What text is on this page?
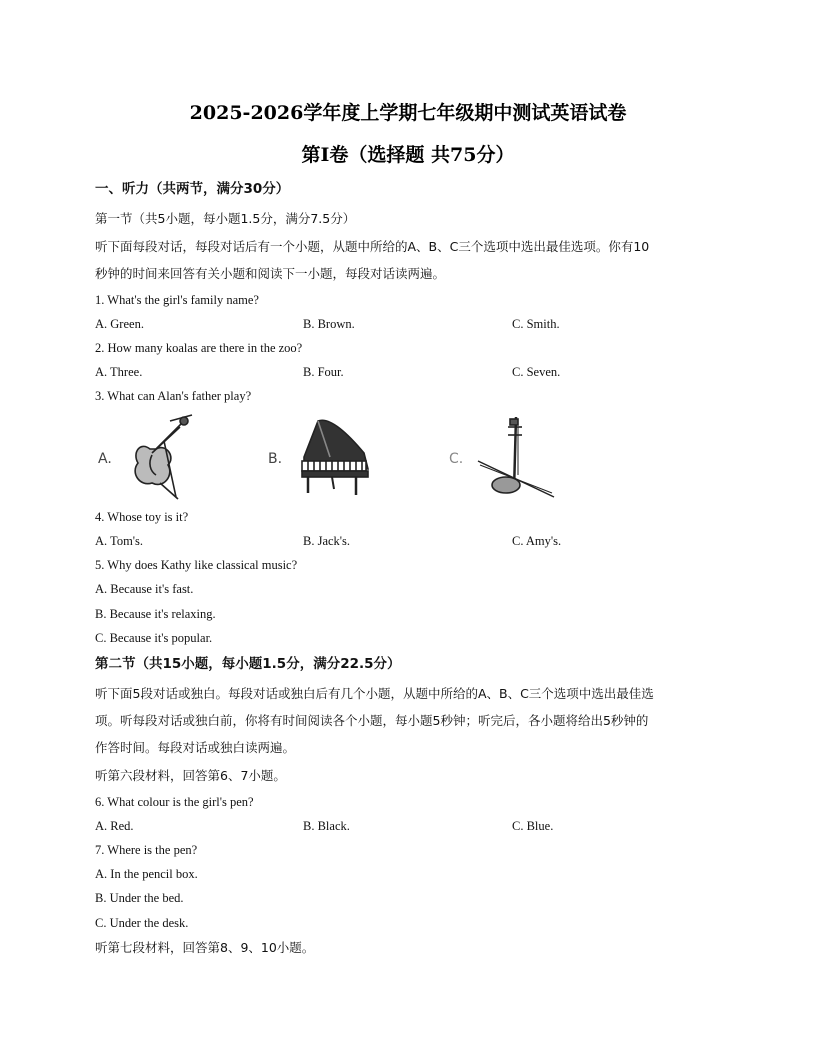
2025-2026学年度上学期七年级期中测试英语试卷
第I卷（选择题 共75分）
一、听力（共两节，满分30分）
第一节（共5小题，每小题1.5分，满分7.5分）
听下面每段对话，每段对话后有一个小题，从题中所给的A、B、C三个选项中选出最佳选项。你有10
秒钟的时间来回答有关小题和阅读下一小题，每段对话读两遍。
1. What's the girl's family name?
A. Green.	B. Brown.	C. Smith.
2. How many koalas are there in the zoo?
A. Three.	B. Four.	C. Seven.
3. What can Alan's father play?
A.	B.	C.
4. Whose toy is it?
A. Tom's.	B. Jack's.	C. Amy's.
5. Why does Kathy like classical music?
A. Because it's fast.
B. Because it's relaxing.
C. Because it's popular.
第二节（共15小题，每小题1.5分，满分22.5分）
听下面5段对话或独白。每段对话或独白后有几个小题，从题中所给的A、B、C三个选项中选出最佳选
项。听每段对话或独白前，你将有时间阅读各个小题，每小题5秒钟；听完后，各小题将给出5秒钟的
作答时间。每段对话或独白读两遍。
听第六段材料，回答第6、7小题。
6. What colour is the girl's pen?
A. Red.	B. Black.	C. Blue.
7. Where is the pen?
A. In the pencil box.
B. Under the bed.
C. Under the desk.
听第七段材料，回答第8、9、10小题。
